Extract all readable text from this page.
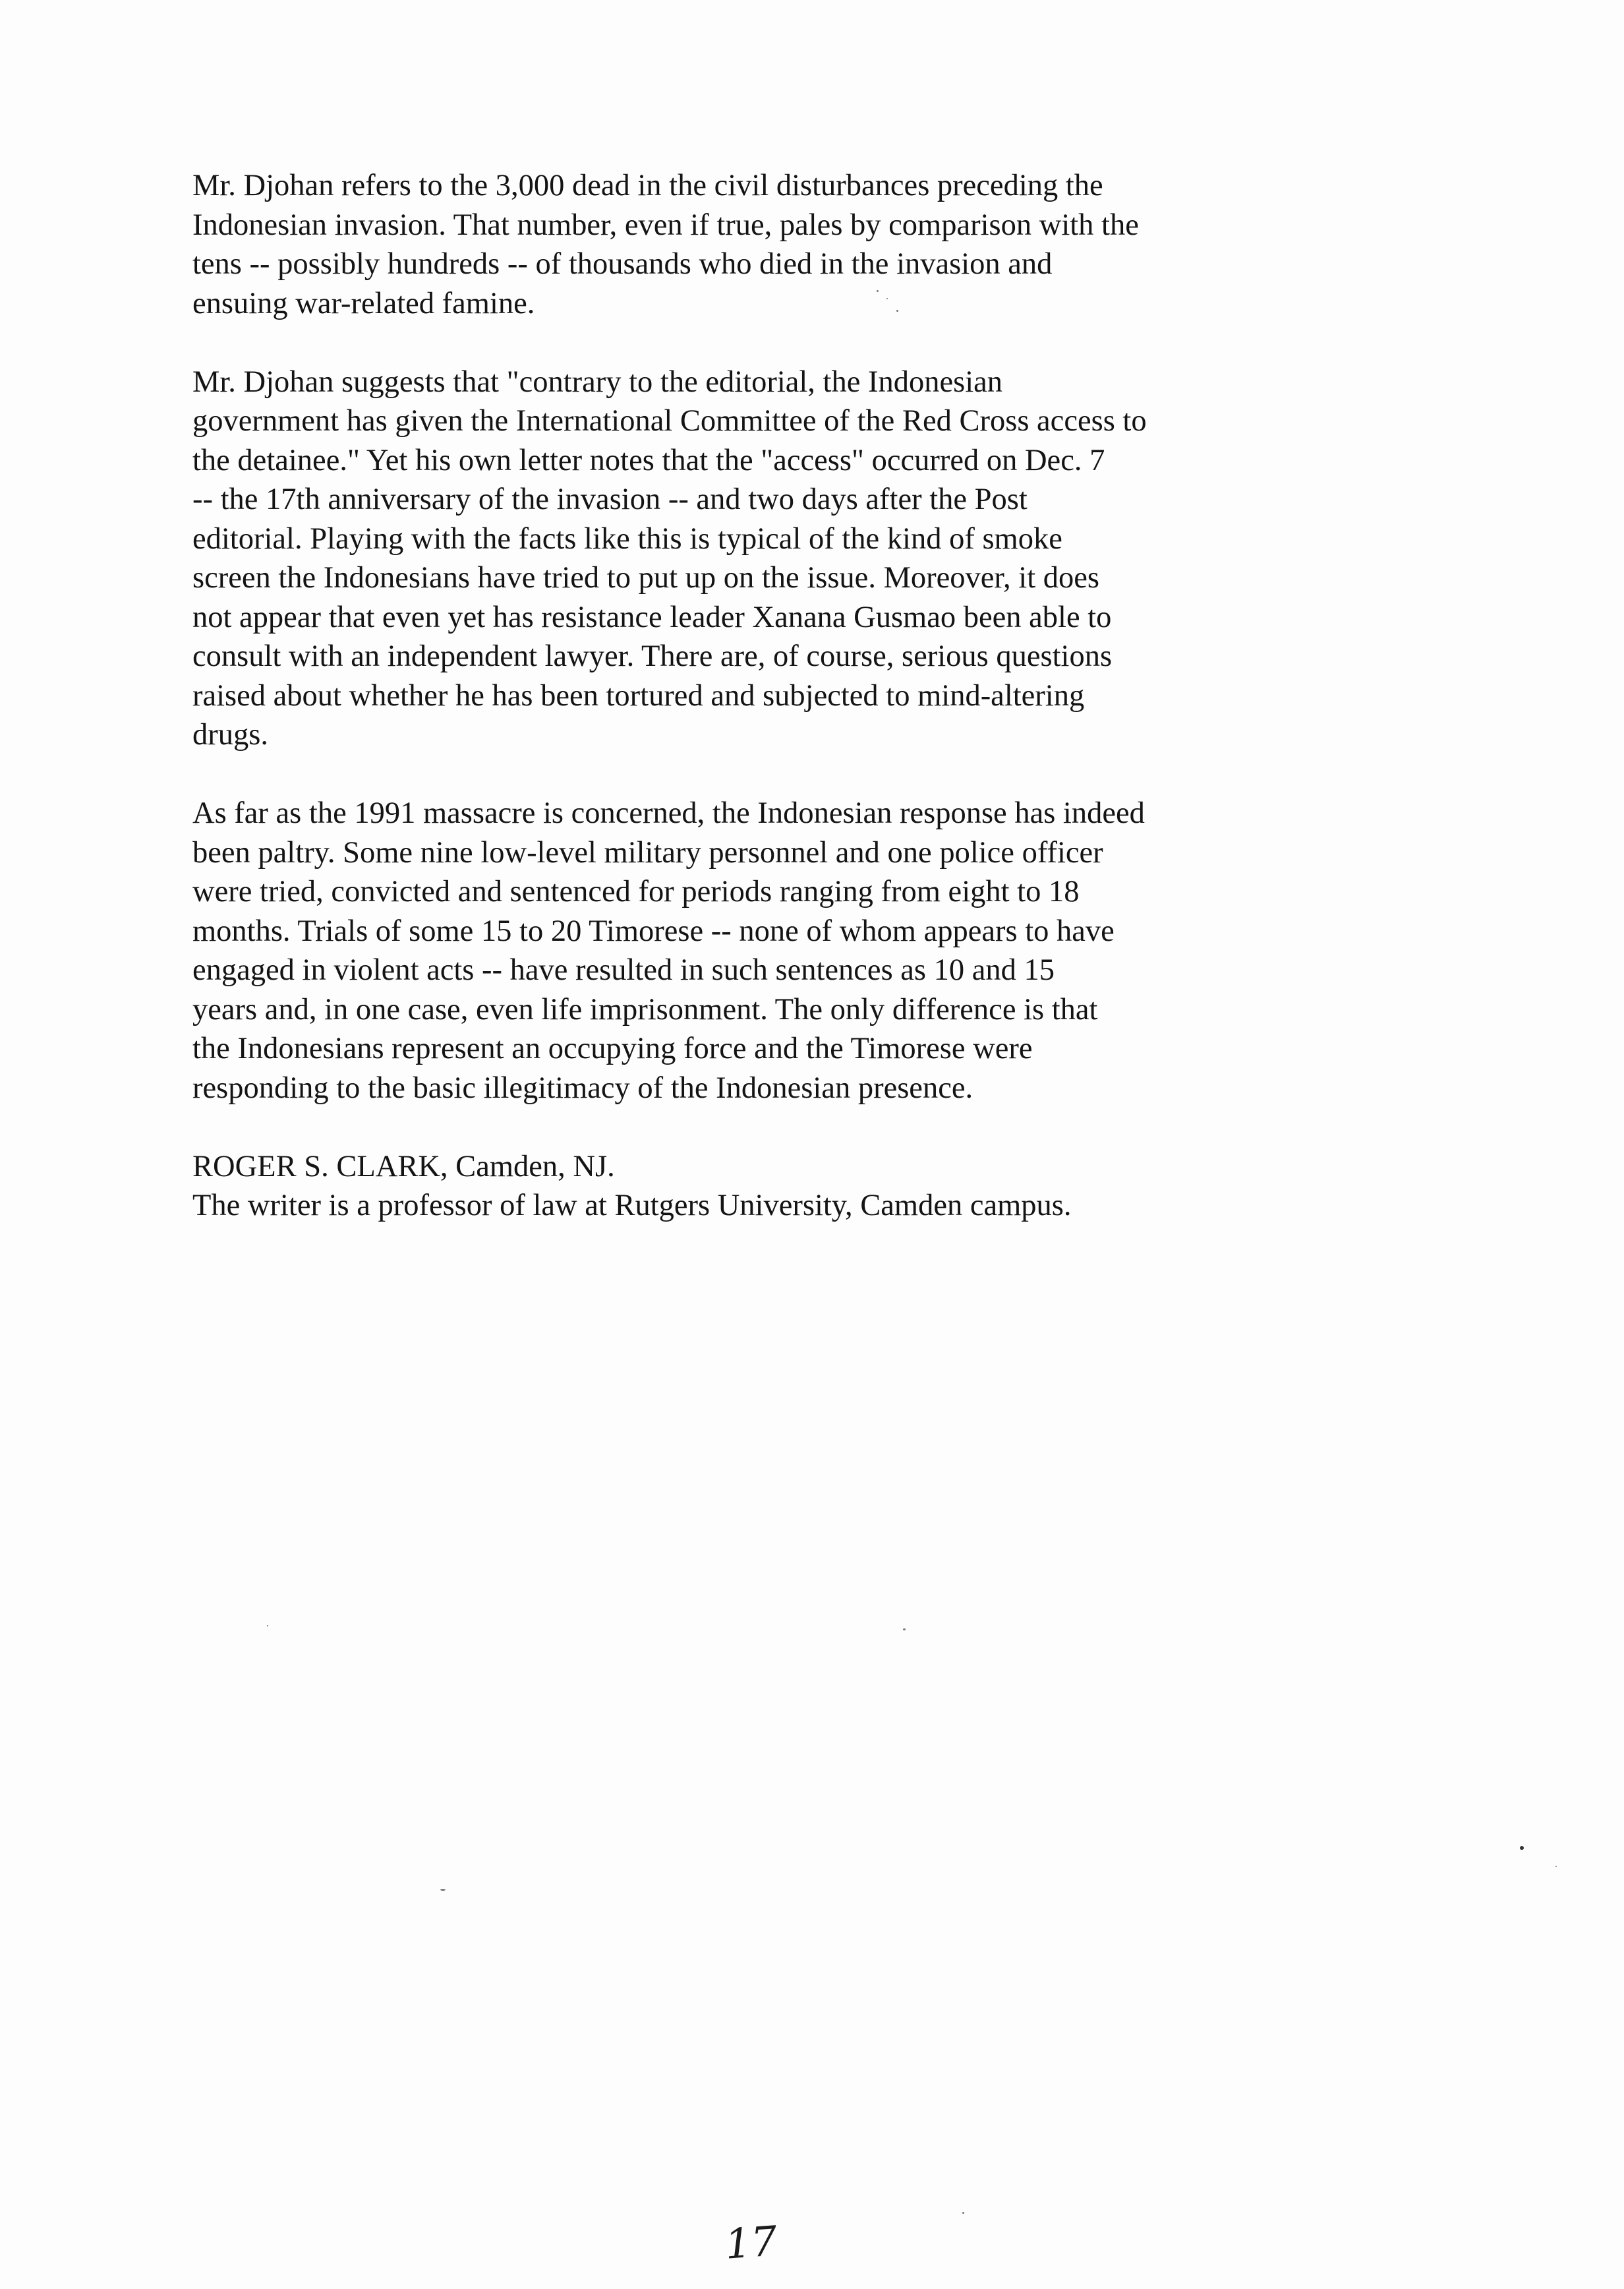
Mr. Djohan refers to the 3,000 dead in the civil disturbances preceding the
Indonesian invasion. That number, even if true, pales by comparison with the
tens -- possibly hundreds -- of thousands who died in the invasion and
ensuing war-related famine.

Mr. Djohan suggests that "contrary to the editorial, the Indonesian
government has given the International Committee of the Red Cross access to
the detainee." Yet his own letter notes that the "access" occurred on Dec. 7
-- the 17th anniversary of the invasion -- and two days after the Post
editorial. Playing with the facts like this is typical of the kind of smoke
screen the Indonesians have tried to put up on the issue. Moreover, it does
not appear that even yet has resistance leader Xanana Gusmao been able to
consult with an independent lawyer. There are, of course, serious questions
raised about whether he has been tortured and subjected to mind-altering
drugs.

As far as the 1991 massacre is concerned, the Indonesian response has indeed
been paltry. Some nine low-level military personnel and one police officer
were tried, convicted and sentenced for periods ranging from eight to 18
months. Trials of some 15 to 20 Timorese -- none of whom appears to have
engaged in violent acts -- have resulted in such sentences as 10 and 15
years and, in one case, even life imprisonment. The only difference is that
the Indonesians represent an occupying force and the Timorese were
responding to the basic illegitimacy of the Indonesian presence.

ROGER S. CLARK, Camden, NJ.
The writer is a professor of law at Rutgers University, Camden campus.

17
